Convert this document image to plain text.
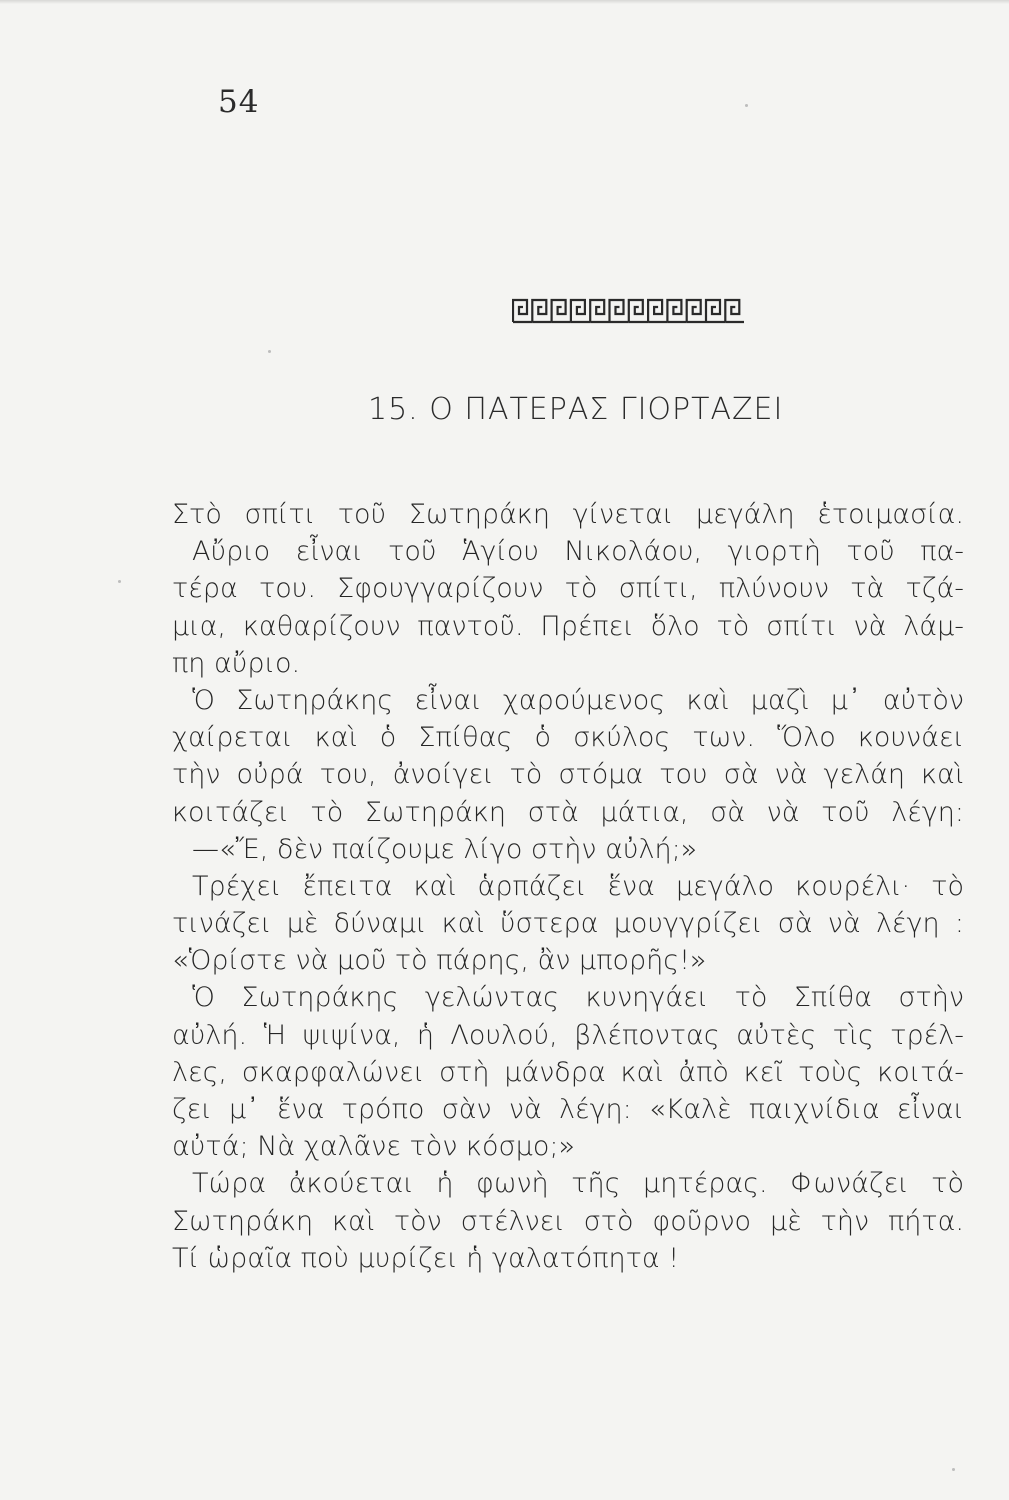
54
15. Ο ΠΑΤΕΡΑΣ ΓΙΟΡΤΑΖΕΙ
Στὸ σπίτι τοῦ Σωτηράκη γίνεται μεγάλη ἑτοιμασία.
Αὔριο εἶναι τοῦ Ἁγίου Νικολάου, γιορτὴ τοῦ πα-
τέρα του. Σφουγγαρίζουν τὸ σπίτι, πλύνουν τὰ τζά-
μια, καθαρίζουν παντοῦ. Πρέπει ὅλο τὸ σπίτι νὰ λάμ-
πη αὔριο.
Ὁ Σωτηράκης εἶναι χαρούμενος καὶ μαζὶ μ᾽ αὐτὸν
χαίρεται καὶ ὁ Σπίθας ὁ σκύλος των. Ὅλο κουνάει
τὴν οὐρά του, ἀνοίγει τὸ στόμα του σὰ νὰ γελάη καὶ
κοιτάζει τὸ Σωτηράκη στὰ μάτια, σὰ νὰ τοῦ λέγη:
—«Ἔ, δὲν παίζουμε λίγο στὴν αὐλή;»
Τρέχει ἔπειτα καὶ ἁρπάζει ἕνα μεγάλο κουρέλι· τὸ
τινάζει μὲ δύναμι καὶ ὕστερα μουγγρίζει σὰ νὰ λέγη :
«Ὁρίστε νὰ μοῦ τὸ πάρης, ἂν μπορῆς!»
Ὁ Σωτηράκης γελώντας κυνηγάει τὸ Σπίθα στὴν
αὐλή. Ἡ ψιψίνα, ἡ Λουλού, βλέποντας αὐτὲς τὶς τρέλ-
λες, σκαρφαλώνει στὴ μάνδρα καὶ ἀπὸ κεῖ τοὺς κοιτά-
ζει μ᾽ ἕνα τρόπο σὰν νὰ λέγη: «Καλὲ παιχνίδια εἶναι
αὐτά; Νὰ χαλᾶνε τὸν κόσμο;»
Τώρα ἀκούεται ἡ φωνὴ τῆς μητέρας. Φωνάζει τὸ
Σωτηράκη καὶ τὸν στέλνει στὸ φοῦρνο μὲ τὴν πήτα.
Τί ὡραῖα ποὺ μυρίζει ἡ γαλατόπητα !
